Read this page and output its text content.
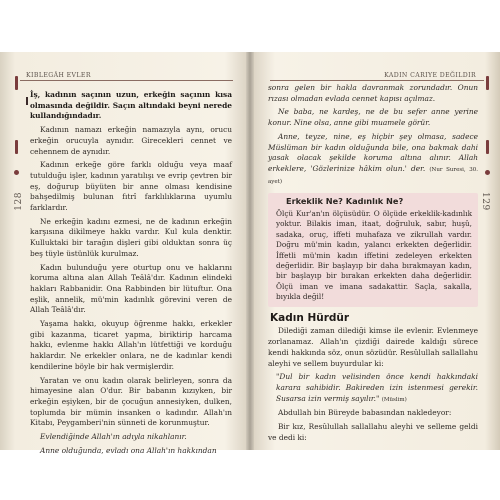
KIBLEGÂH EVLER
128

İş, kadının saçının uzun, erkeğin saçının kısa olmasında değildir. Saçın altındaki beyni nerede kullandığındadır.

Kadının namazı erkeğin namazıyla aynı, orucu erkeğin orucuyla aynıdır. Girecekleri cennet ve cehennem de aynıdır.

Kadının erkeğe göre farklı olduğu veya maaf tutulduğu işler, kadının yaratılışı ve evrip çevtren bir eş, doğurup büyüten bir anne olması kendisine bahşedilmiş bulunan fıtrî farklılıklarına uyumlu farklardır.

Ne erkeğin kadını ezmesi, ne de kadının erkeğin karşısına dikilmeye hakkı vardır. Kul kula denktir. Kulluktaki bir tarağın dişleri gibi olduktan sonra üç beş tüyle üstünlük kurulmaz.

Kadın bulunduğu yere oturtup onu ve haklarını koruma altına alan Allah Teâlâ'dır. Kadının elindeki hakları Rabbanidir. Ona Rabbinden bir lütuftur. Ona eşlik, annelik, mü'min kadınlık görevini veren de Allah Teâlâ'dır.

Yaşama hakkı, okuyup öğrenme hakkı, erkekler gibi kazanma, ticaret yapma, biriktirip harcama hakkı, evlenme hakkı Allah'ın lütfettiği ve korduğu haklardır. Ne erkekler onlara, ne de kadınlar kendi kendilerine böyle bir hak vermişlerdir.

Yaratan ve onu kadın olarak belirleyen, sonra da himayesine alan O'dur. Bir babanın kızıyken, bir erkeğin eşiyken, bir de çocuğun annesiyken, dulken, toplumda bir mümin insanken o kadındır. Allah'ın Kitabı, Peygamberi'nin sünneti de korunmuştur.

Evlendiğinde Allah'ın adıyla nikahlanır.

Anne olduğunda, evladı ona Allah'ın hakkından

KADIN CARIYE DEĞILDIR
129

sonra gelen bir hakla davranmak zorundadır. Onun rızası olmadan evlada cennet kapısı açılmaz.

Ne baba, ne kardeş, ne de bu sefer anne yerine konur. Nine olsa, anne gibi muamele görür.

Anne, teyze, nine, eş hiçbir şey olmasa, sadece Müslüman bir kadın olduğunda bile, ona bakmak dahi yasak olacak şekilde koruma altına alınır. Allah erkeklere, 'Gözlerinize hâkim olun.' der. (Nur Suresi, 30. ayet)

Erkeklik Ne? Kadınlık Ne?

Ölçü Kur'an'ın ölçüsüdür. O ölçüde erkeklik-kadınlık yoktur. Bilakis iman, itaat, doğruluk, sabır, huşû, sadaka, oruç, iffeti muhafaza ve zikrullah vardır. Doğru mü'min kadın, yalancı erkekten değerlidir. İffetli mü'min kadın iffetini zedeleyen erkekten değerlidir. Bir başlayıp bir daha bırakmayan kadın, bir başlayıp bir bırakan erkekten daha değerlidir. Ölçü iman ve imana sadakattir. Saçla, sakalla, bıyıkla değil!

Kadın Hürdür

Dilediği zaman dilediği kimse ile evlenir. Evlenmeye zorlanamaz. Allah'ın çizdiği dairede kaldığı sürece kendi hakkında söz, onun sözüdür. Resûlullah sallallahu aleyhi ve sellem buyurdular ki:

"Dul bir kadın velisinden önce kendi hakkındaki karara sahibidir. Bakireden izin istenmesi gerekir. Susarsa izin vermiş sayılır." (Müslim)

Abdullah bin Büreyde babasından nakledeyor:

Bir kız, Resûlullah sallallahu aleyhi ve selleme geldi ve dedi ki:
